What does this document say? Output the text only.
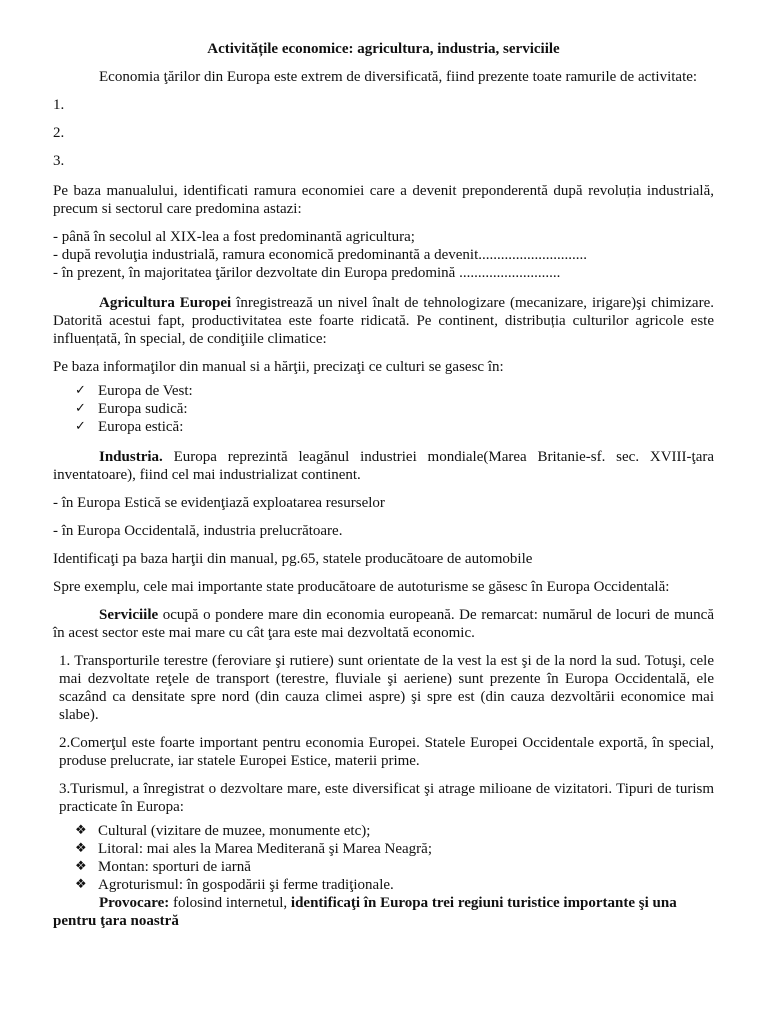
Activitățile economice: agricultura, industria, serviciile

Economia ţărilor din Europa este extrem de diversificată, fiind prezente toate ramurile de activitate:

1.
2.
3.

Pe baza manualului, identificati ramura economiei care a devenit preponderentă după revoluția industrială, precum si sectorul care predomina astazi:

- până în secolul al XIX-lea a fost predominantă agricultura;

- după revoluţia industrială, ramura economică predominantă a devenit.............................

- în prezent, în majoritatea ţărilor dezvoltate din Europa predomină ...........................

Agricultura Europei înregistrează un nivel înalt de tehnologizare (mecanizare, irigare)şi chimizare. Datorită acestui fapt, productivitatea este foarte ridicată. Pe continent, distribuția culturilor agricole este influențată, în special, de condiţiile climatice:

Pe baza informaţilor din manual si a hărţii, precizaţi ce culturi se gasesc în:

✓ Europa de Vest:
✓ Europa sudică:
✓ Europa estică:

Industria. Europa reprezintă leagănul industriei mondiale(Marea Britanie-sf. sec. XVIII-ţara inventatoare), fiind cel mai industrializat continent.

- în Europa Estică se evidenţiază exploatarea resurselor

- în Europa Occidentală, industria prelucrătoare.

Identificaţi pa baza harţii din manual, pg.65, statele producătoare de automobile

Spre exemplu, cele mai importante state producătoare de autoturisme se găsesc în Europa Occidentală:

Serviciile ocupă o pondere mare din economia europeană. De remarcat: numărul de locuri de muncă în acest sector este mai mare cu cât ţara este mai dezvoltată economic.

1. Transporturile terestre (feroviare şi rutiere) sunt orientate de la vest la est şi de la nord la sud. Totuşi, cele mai dezvoltate reţele de transport (terestre, fluviale şi aeriene) sunt prezente în Europa Occidentală, ele scazând ca densitate spre nord (din cauza climei aspre) şi spre est (din cauza dezvoltării economice mai slabe).

2.Comerţul este foarte important pentru economia Europei. Statele Europei Occidentale exportă, în special, produse prelucrate, iar statele Europei Estice, materii prime.

3.Turismul, a înregistrat o dezvoltare mare, este diversificat şi atrage milioane de vizitatori. Tipuri de turism practicate în Europa:

❖ Cultural (vizitare de muzee, monumente etc);
❖ Litoral: mai ales la Marea Mediterană şi Marea Neagră;
❖ Montan: sporturi de iarnă
❖ Agroturismul: în gospodării şi ferme tradiţionale.

Provocare: folosind internetul, identificaţi în Europa trei regiuni turistice importante şi una pentru ţara noastră
